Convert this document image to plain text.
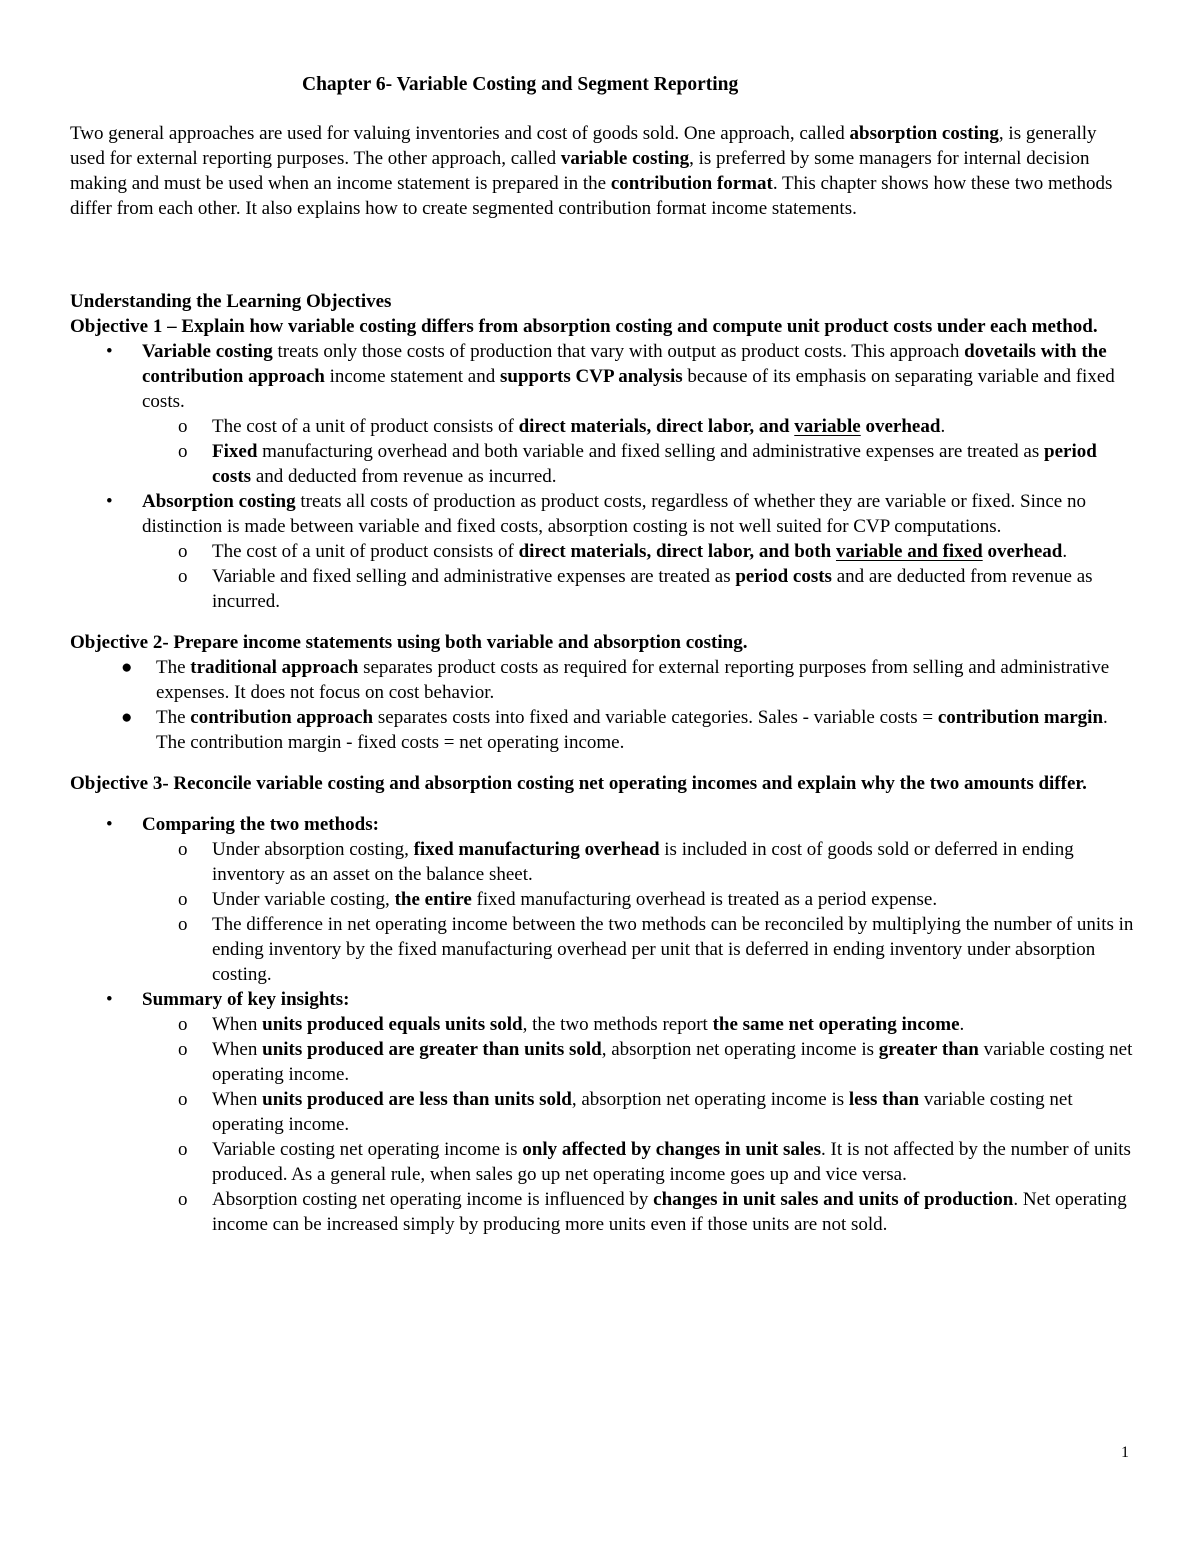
Chapter 6- Variable Costing and Segment Reporting

Two general approaches are used for valuing inventories and cost of goods sold. One approach, called absorption costing, is generally used for external reporting purposes. The other approach, called variable costing, is preferred by some managers for internal decision making and must be used when an income statement is prepared in the contribution format. This chapter shows how these two methods differ from each other. It also explains how to create segmented contribution format income statements.

Understanding the Learning Objectives
Objective 1 – Explain how variable costing differs from absorption costing and compute unit product costs under each method.
• Variable costing treats only those costs of production that vary with output as product costs. This approach dovetails with the contribution approach income statement and supports CVP analysis because of its emphasis on separating variable and fixed costs.
o The cost of a unit of product consists of direct materials, direct labor, and variable overhead.
o Fixed manufacturing overhead and both variable and fixed selling and administrative expenses are treated as period costs and deducted from revenue as incurred.
• Absorption costing treats all costs of production as product costs, regardless of whether they are variable or fixed. Since no distinction is made between variable and fixed costs, absorption costing is not well suited for CVP computations.
o The cost of a unit of product consists of direct materials, direct labor, and both variable and fixed overhead.
o Variable and fixed selling and administrative expenses are treated as period costs and are deducted from revenue as incurred.
Objective 2- Prepare income statements using both variable and absorption costing.
● The traditional approach separates product costs as required for external reporting purposes from selling and administrative expenses. It does not focus on cost behavior.
● The contribution approach separates costs into fixed and variable categories. Sales - variable costs = contribution margin. The contribution margin - fixed costs = net operating income.
Objective 3- Reconcile variable costing and absorption costing net operating incomes and explain why the two amounts differ.
• Comparing the two methods:
o Under absorption costing, fixed manufacturing overhead is included in cost of goods sold or deferred in ending inventory as an asset on the balance sheet.
o Under variable costing, the entire fixed manufacturing overhead is treated as a period expense.
o The difference in net operating income between the two methods can be reconciled by multiplying the number of units in ending inventory by the fixed manufacturing overhead per unit that is deferred in ending inventory under absorption costing.
• Summary of key insights:
o When units produced equals units sold, the two methods report the same net operating income.
o When units produced are greater than units sold, absorption net operating income is greater than variable costing net operating income.
o When units produced are less than units sold, absorption net operating income is less than variable costing net operating income.
o Variable costing net operating income is only affected by changes in unit sales. It is not affected by the number of units produced. As a general rule, when sales go up net operating income goes up and vice versa.
o Absorption costing net operating income is influenced by changes in unit sales and units of production. Net operating income can be increased simply by producing more units even if those units are not sold.
1
